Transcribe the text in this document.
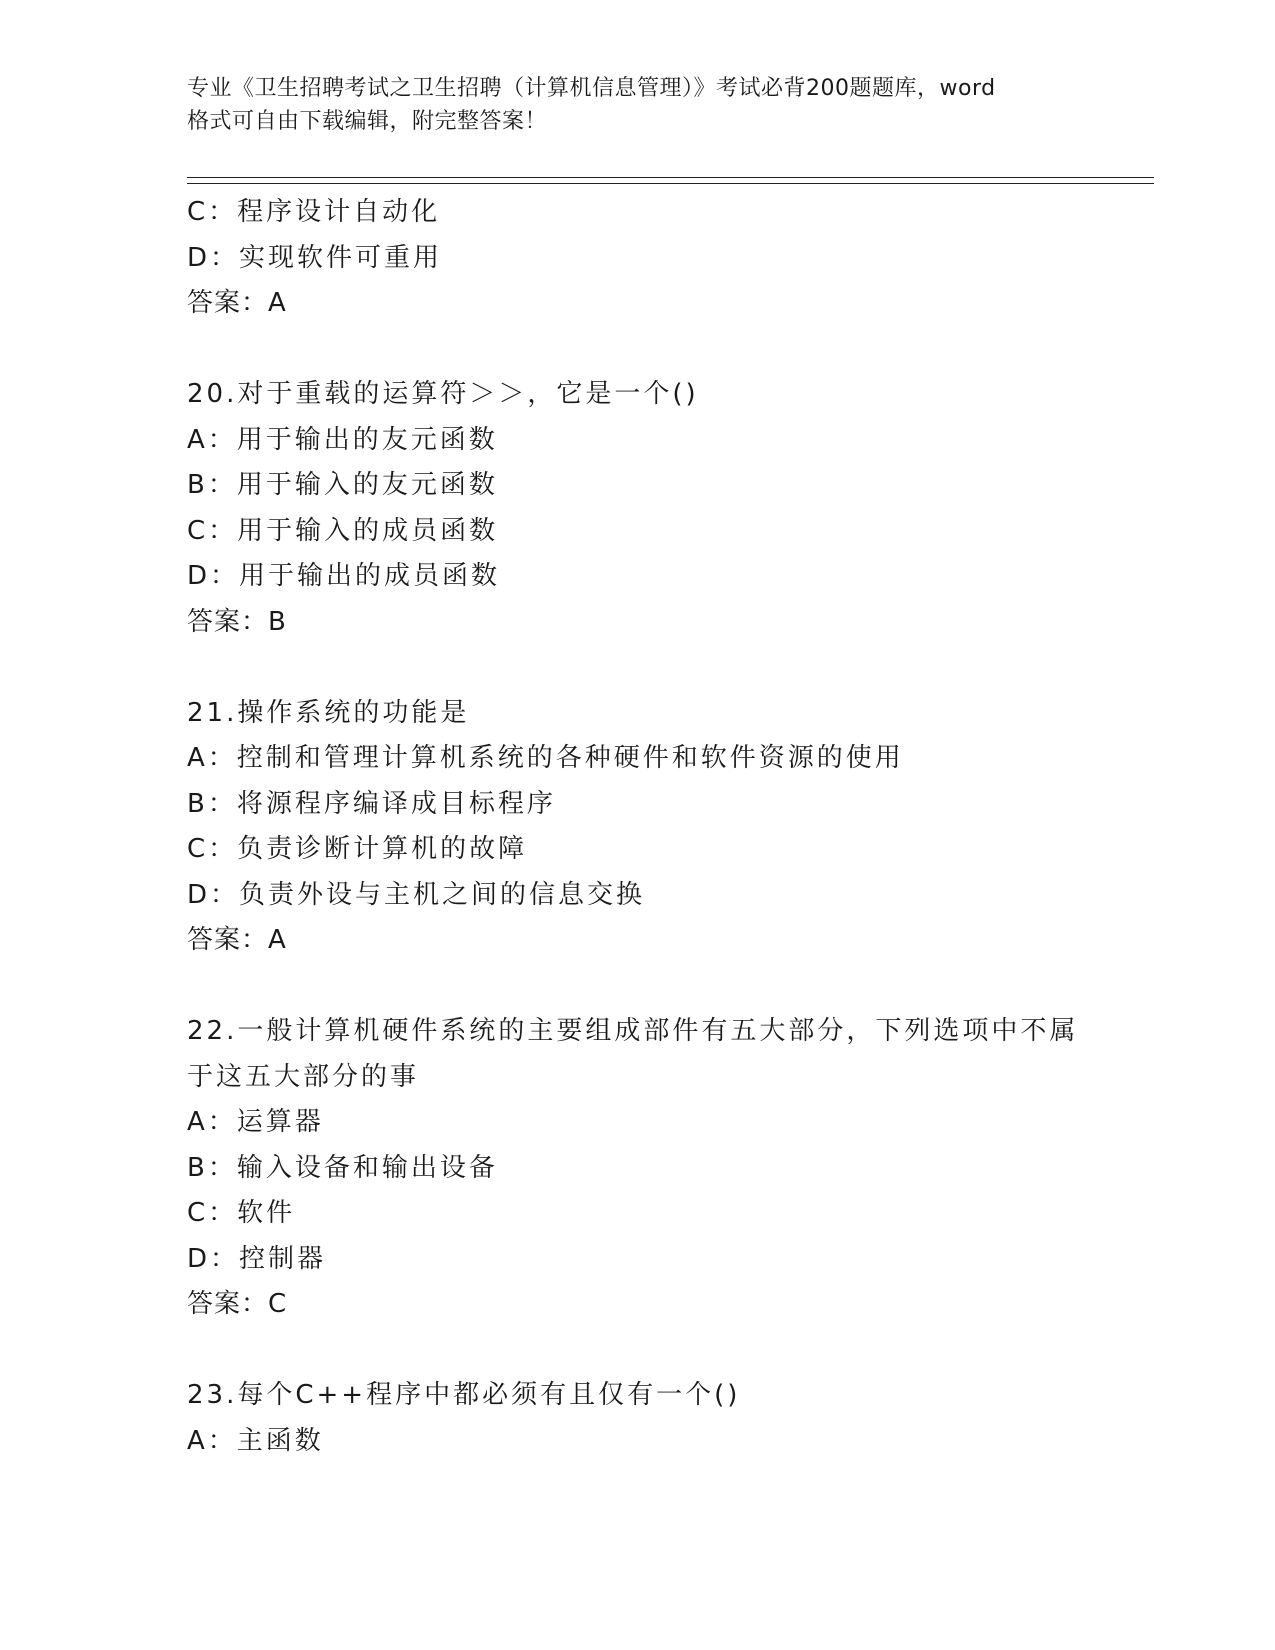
专业《卫生招聘考试之卫生招聘（计算机信息管理）》考试必背200题题库，word
格式可自由下载编辑，附完整答案！
C：程序设计自动化
D：实现软件可重用
答案：A
20.对于重载的运算符＞＞，它是一个()
A：用于输出的友元函数
B：用于输入的友元函数
C：用于输入的成员函数
D：用于输出的成员函数
答案：B
21.操作系统的功能是
A：控制和管理计算机系统的各种硬件和软件资源的使用
B：将源程序编译成目标程序
C：负责诊断计算机的故障
D：负责外设与主机之间的信息交换
答案：A
22.一般计算机硬件系统的主要组成部件有五大部分，下列选项中不属
于这五大部分的事
A：运算器
B：输入设备和输出设备
C：软件
D：控制器
答案：C
23.每个C++程序中都必须有且仅有一个()
A：主函数
